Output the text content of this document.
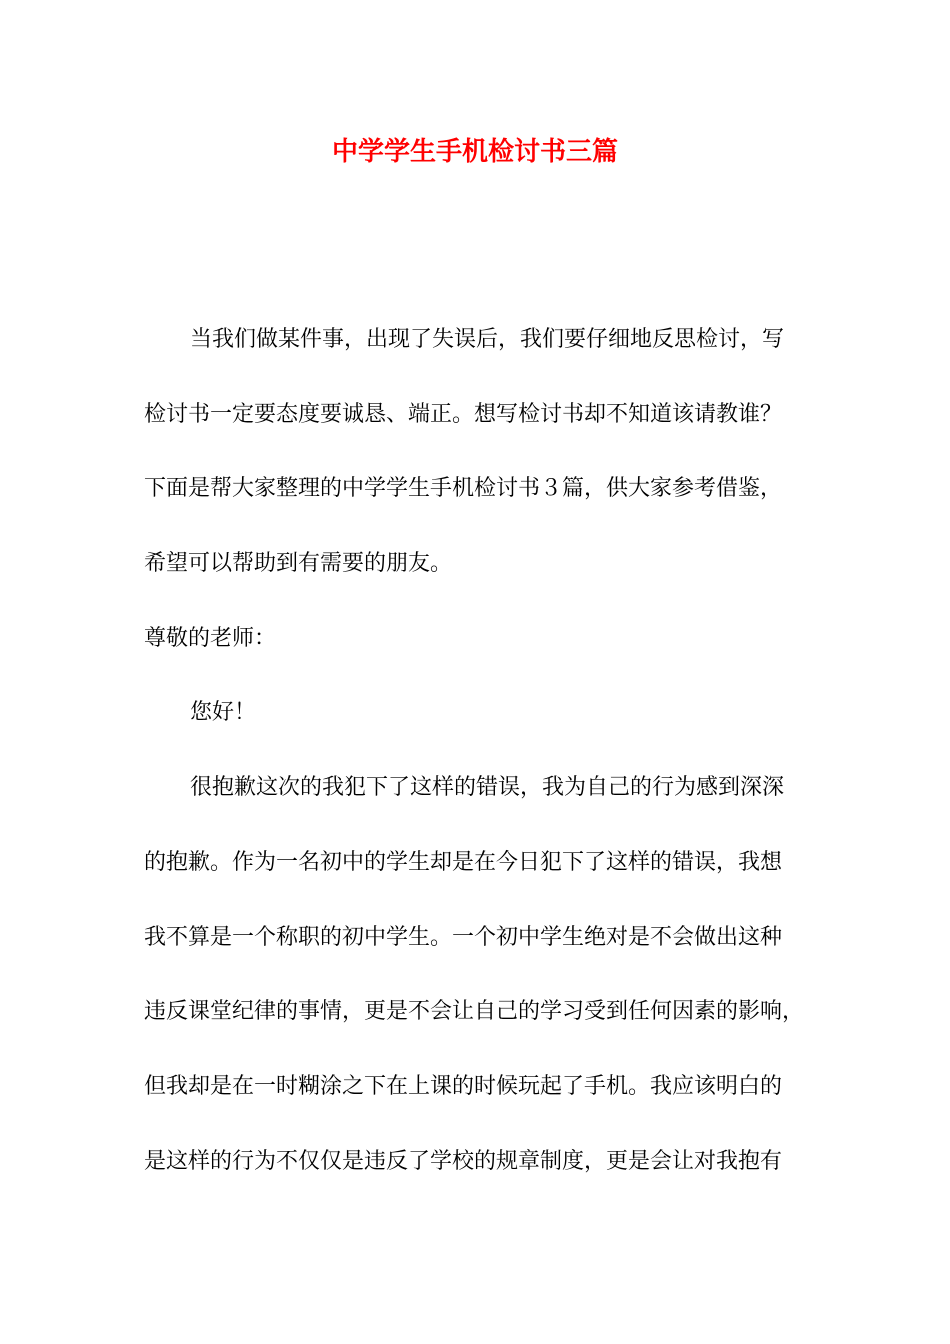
中学学生手机检讨书三篇
当我们做某件事，出现了失误后，我们要仔细地反思检讨，写
检讨书一定要态度要诚恳、端正。想写检讨书却不知道该请教谁？
下面是帮大家整理的中学学生手机检讨书３篇，供大家参考借鉴，
希望可以帮助到有需要的朋友。
尊敬的老师：
您好！
很抱歉这次的我犯下了这样的错误，我为自己的行为感到深深
的抱歉。作为一名初中的学生却是在今日犯下了这样的错误，我想
我不算是一个称职的初中学生。一个初中学生绝对是不会做出这种
违反课堂纪律的事情，更是不会让自己的学习受到任何因素的影响，
但我却是在一时糊涂之下在上课的时候玩起了手机。我应该明白的
是这样的行为不仅仅是违反了学校的规章制度，更是会让对我抱有
